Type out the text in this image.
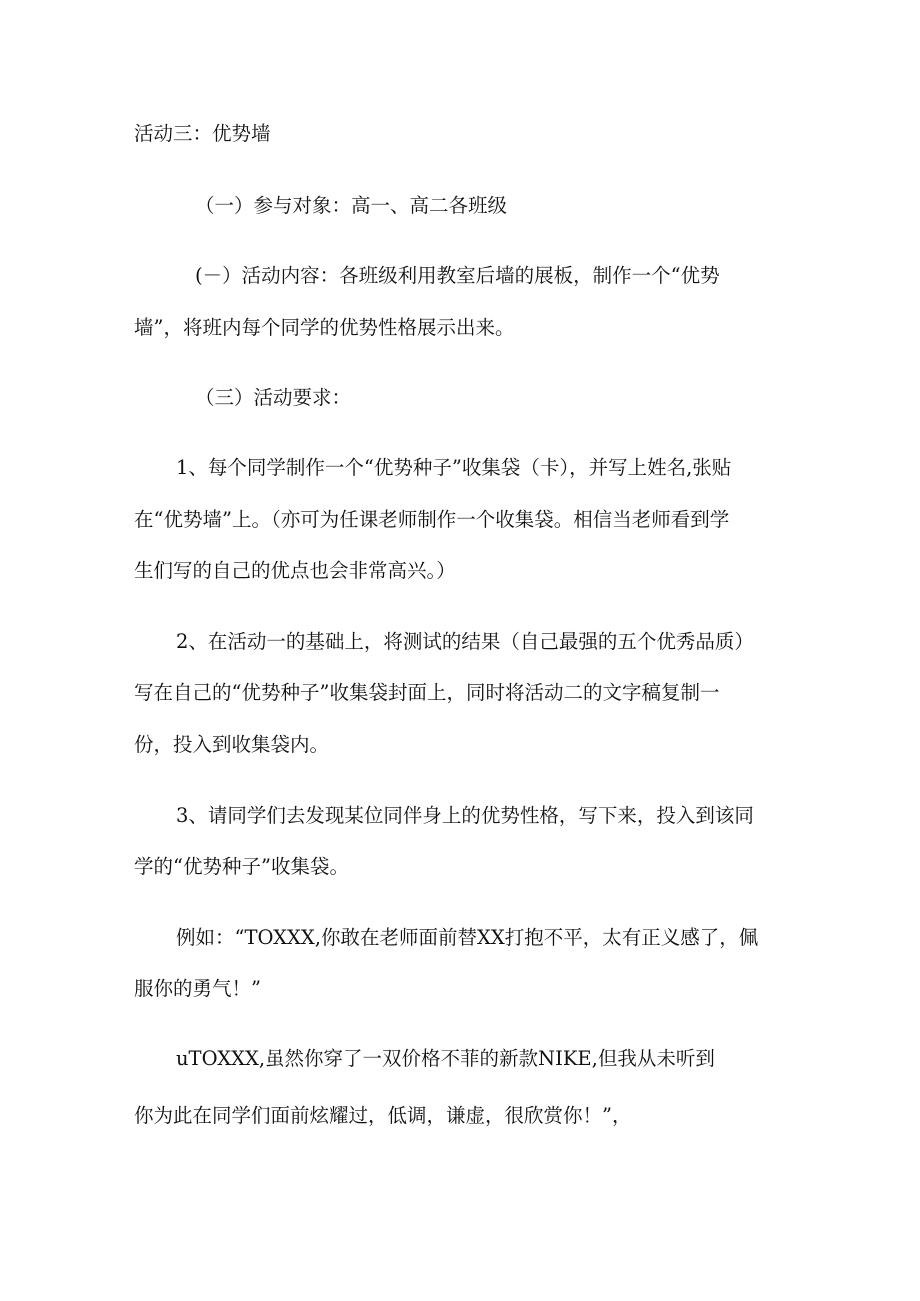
活动三：优势墙
（一）参与对象：高一、高二各班级
(－）活动内容：各班级利用教室后墙的展板，制作一个“优势
墙”，将班内每个同学的优势性格展示出来。
（三）活动要求：
1、每个同学制作一个“优势种子”收集袋（卡），并写上姓名,张贴
在“优势墙”上。（亦可为任课老师制作一个收集袋。相信当老师看到学
生们写的自己的优点也会非常高兴。）
2、在活动一的基础上，将测试的结果（自己最强的五个优秀品质）
写在自己的“优势种子”收集袋封面上，同时将活动二的文字稿复制一
份，投入到收集袋内。
3、请同学们去发现某位同伴身上的优势性格，写下来，投入到该同
学的“优势种子”收集袋。
例如：“TOXXX,你敢在老师面前替XX打抱不平，太有正义感了，佩
服你的勇气！”
uTOXXX,虽然你穿了一双价格不菲的新款NIKE,但我从未听到
你为此在同学们面前炫耀过，低调，谦虚，很欣赏你！”，
